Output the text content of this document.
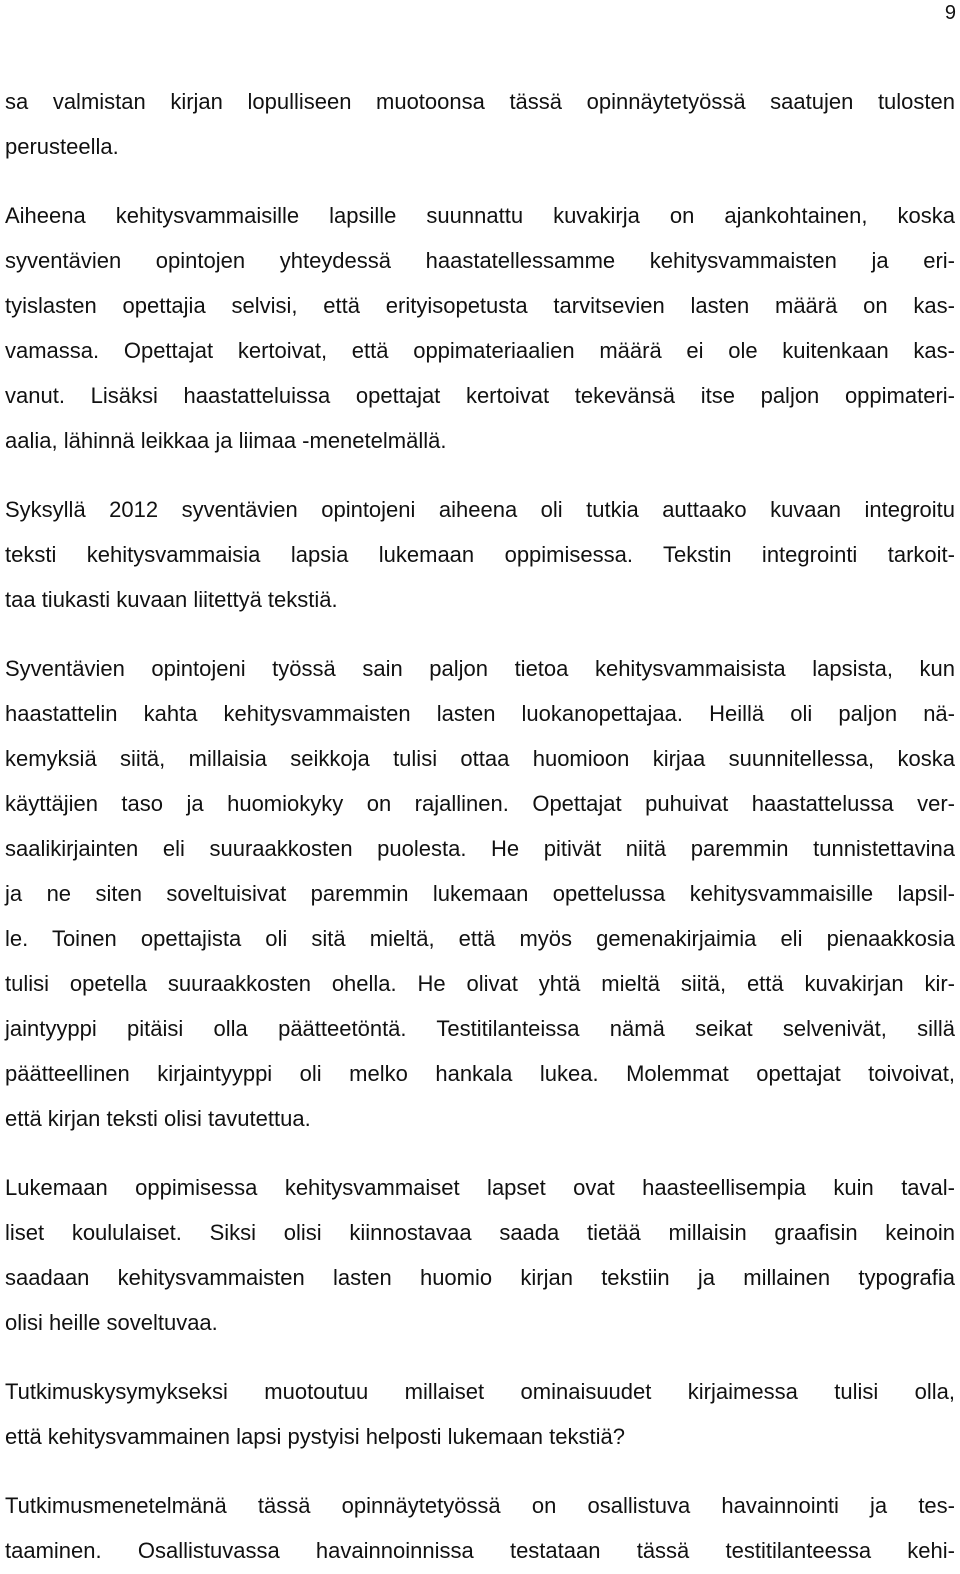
9
sa valmistan kirjan lopulliseen muotoonsa tässä opinnäytetyössä saatujen tulosten
perusteella.
Aiheena kehitysvammaisille lapsille suunnattu kuvakirja on ajankohtainen, koska
syventävien opintojen yhteydessä haastatellessamme kehitysvammaisten ja eri-
tyislasten opettajia selvisi, että erityisopetusta tarvitsevien lasten määrä on kas-
vamassa. Opettajat kertoivat, että oppimateriaalien määrä ei ole kuitenkaan kas-
vanut. Lisäksi haastatteluissa opettajat kertoivat tekevänsä itse paljon oppimateri-
aalia, lähinnä leikkaa ja liimaa -menetelmällä.
Syksyllä 2012 syventävien opintojeni aiheena oli tutkia auttaako kuvaan integroitu
teksti kehitysvammaisia lapsia lukemaan oppimisessa. Tekstin integrointi tarkoit-
taa tiukasti kuvaan liitettyä tekstiä.
Syventävien opintojeni työssä sain paljon tietoa kehitysvammaisista lapsista, kun
haastattelin kahta kehitysvammaisten lasten luokanopettajaa. Heillä oli paljon nä-
kemyksiä siitä, millaisia seikkoja tulisi ottaa huomioon kirjaa suunnitellessa, koska
käyttäjien taso ja huomiokyky on rajallinen. Opettajat puhuivat haastattelussa ver-
saalikirjainten eli suuraakkosten puolesta. He pitivät niitä paremmin tunnistettavina
ja ne siten soveltuisivat paremmin lukemaan opettelussa kehitysvammaisille lapsil-
le. Toinen opettajista oli sitä mieltä, että myös gemenakirjaimia eli pienaakkosia
tulisi opetella suuraakkosten ohella. He olivat yhtä mieltä siitä, että kuvakirjan kir-
jaintyyppi pitäisi olla päätteetöntä. Testitilanteissa nämä seikat selvenivät, sillä
päätteellinen kirjaintyyppi oli melko hankala lukea. Molemmat opettajat toivoivat,
että kirjan teksti olisi tavutettua.
Lukemaan oppimisessa kehitysvammaiset lapset ovat haasteellisempia kuin taval-
liset koululaiset. Siksi olisi kiinnostavaa saada tietää millaisin graafisin keinoin
saadaan kehitysvammaisten lasten huomio kirjan tekstiin ja millainen typografia
olisi heille soveltuvaa.
Tutkimuskysymykseksi muotoutuu millaiset ominaisuudet kirjaimessa tulisi olla,
että kehitysvammainen lapsi pystyisi helposti lukemaan tekstiä?
Tutkimusmenetelmänä tässä opinnäytetyössä on osallistuva havainnointi ja tes-
taaminen. Osallistuvassa havainnoinnissa testataan tässä testitilanteessa kehi-
